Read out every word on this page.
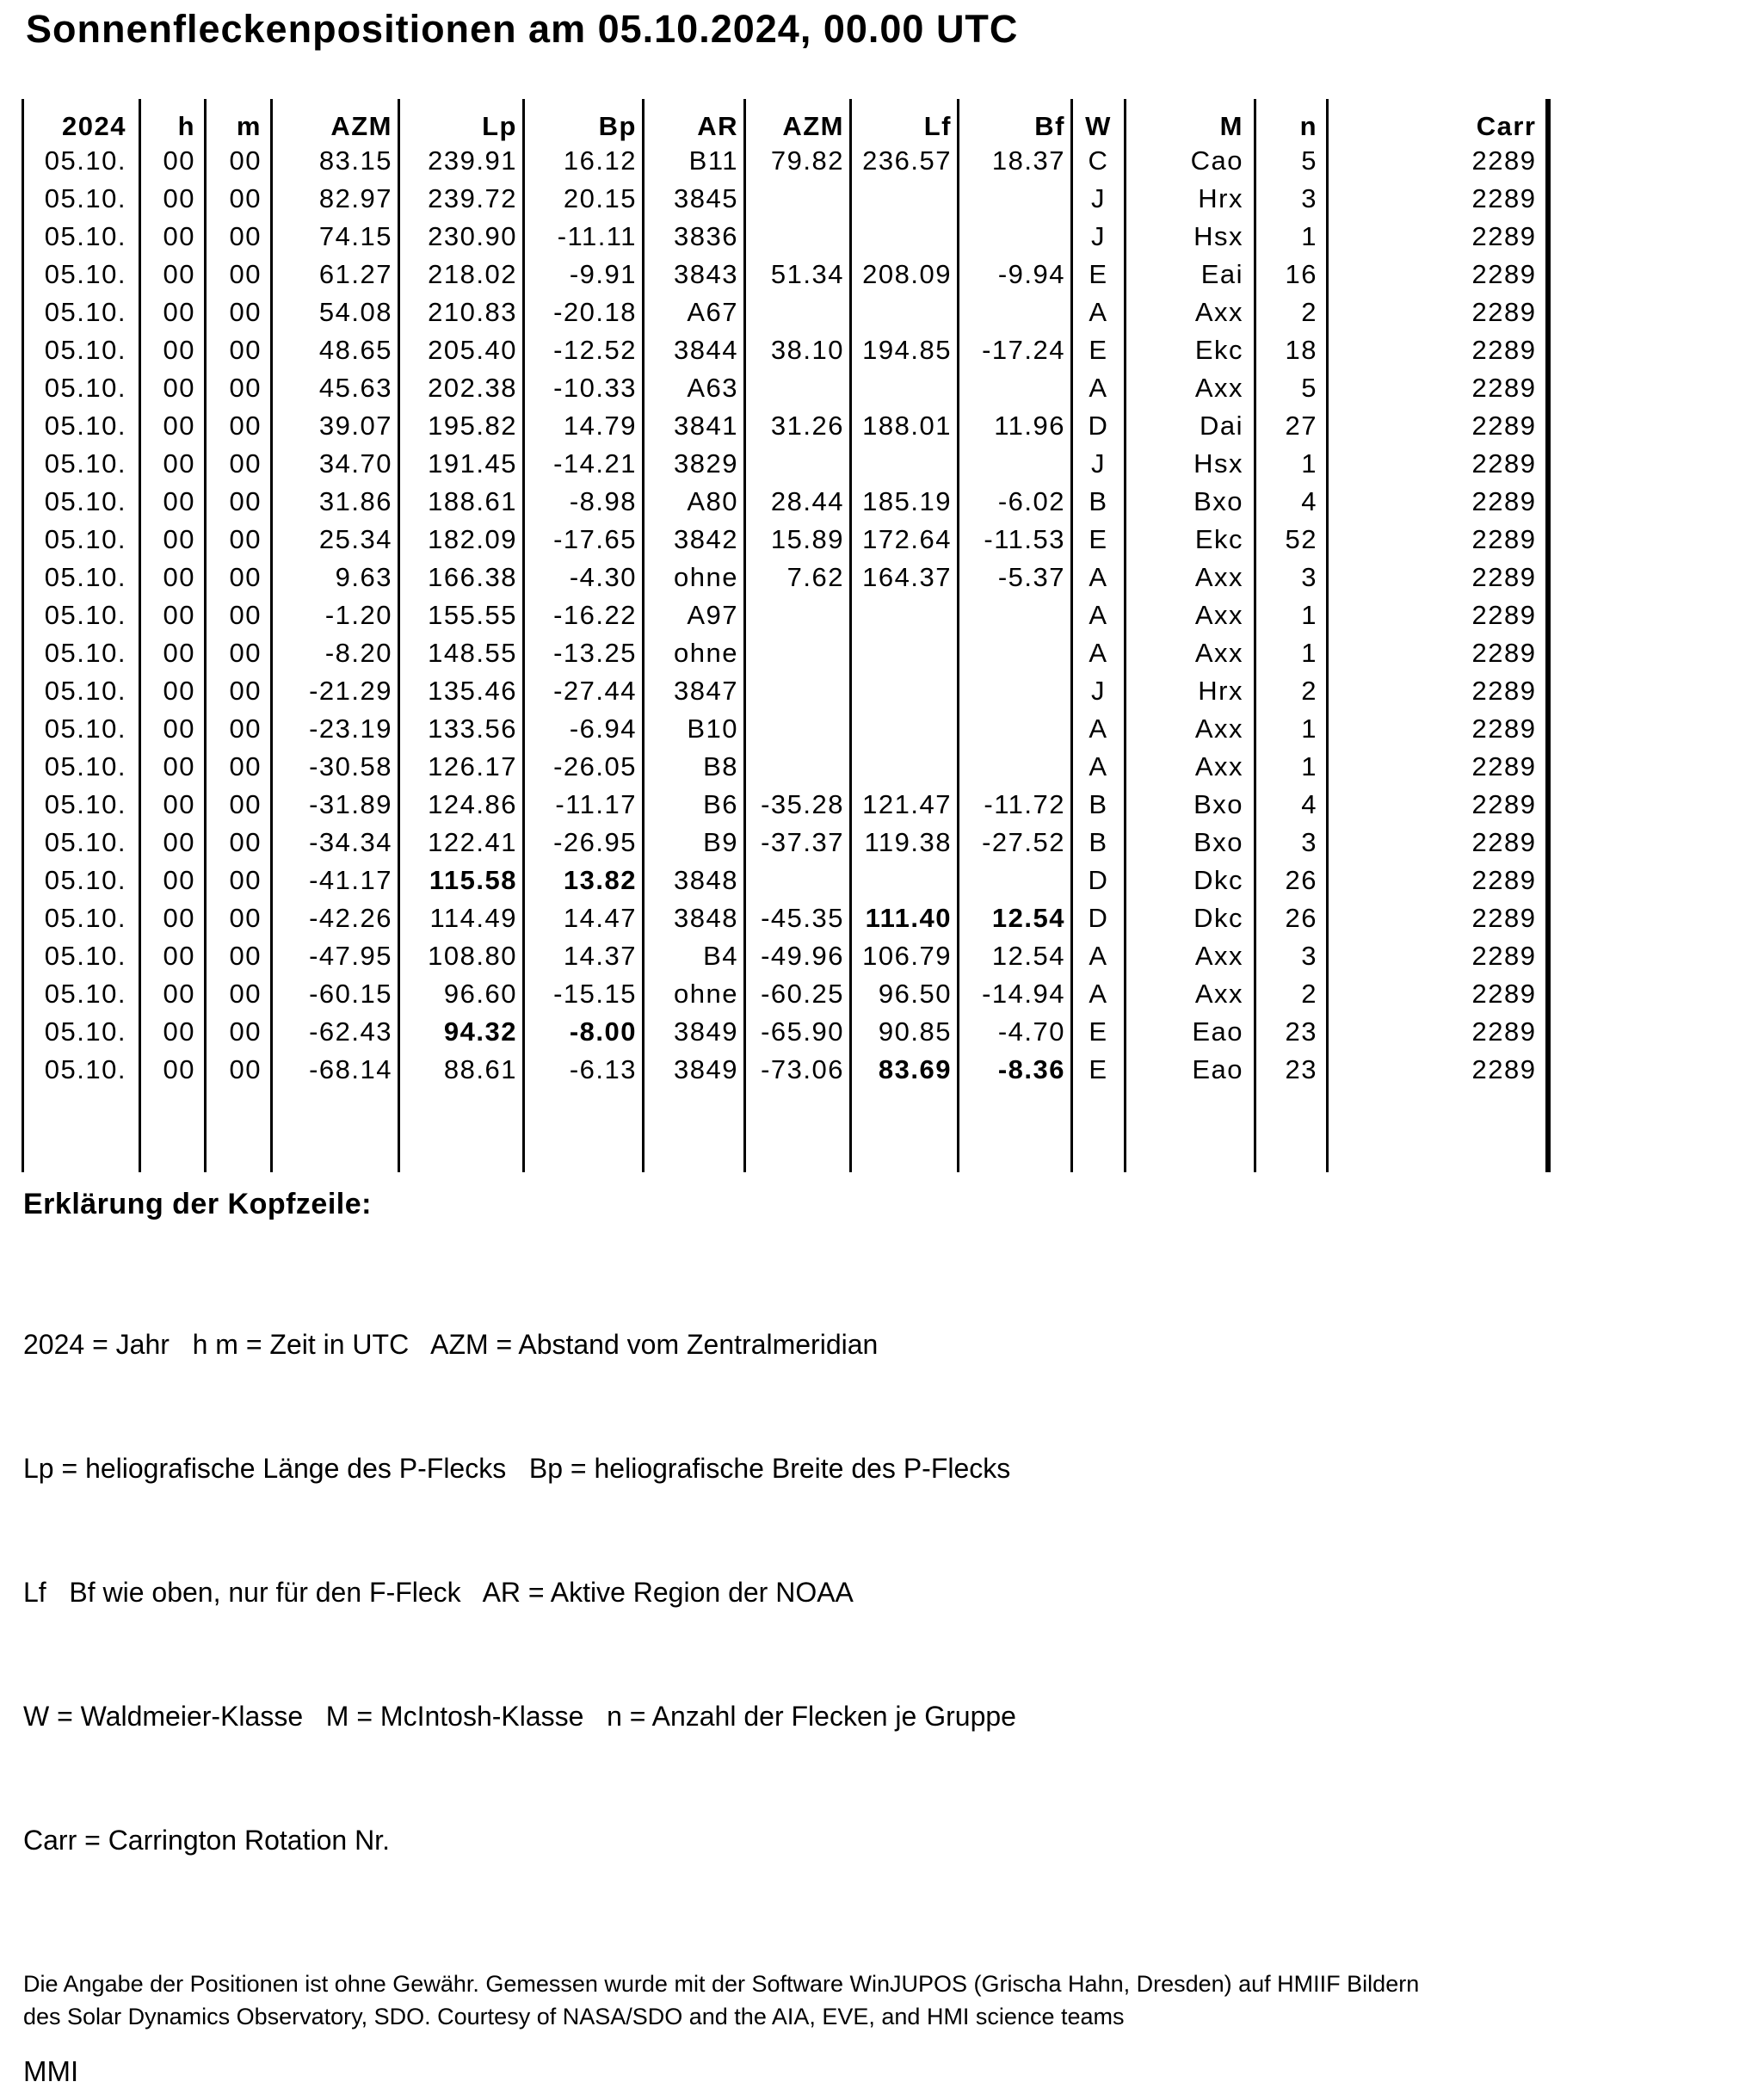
Sonnenfleckenpositionen am 05.10.2024, 00.00 UTC
2024	h	m	AZM	Lp	Bp	AR	AZM	Lf	Bf	W	M	n	Carr
05.10.	00	00	83.15	239.91	16.12	B11	79.82	236.57	18.37	C	Cao	5	2289
05.10.	00	00	82.97	239.72	20.15	3845				J	Hrx	3	2289
05.10.	00	00	74.15	230.90	-11.11	3836				J	Hsx	1	2289
05.10.	00	00	61.27	218.02	-9.91	3843	51.34	208.09	-9.94	E	Eai	16	2289
05.10.	00	00	54.08	210.83	-20.18	A67				A	Axx	2	2289
05.10.	00	00	48.65	205.40	-12.52	3844	38.10	194.85	-17.24	E	Ekc	18	2289
05.10.	00	00	45.63	202.38	-10.33	A63				A	Axx	5	2289
05.10.	00	00	39.07	195.82	14.79	3841	31.26	188.01	11.96	D	Dai	27	2289
05.10.	00	00	34.70	191.45	-14.21	3829				J	Hsx	1	2289
05.10.	00	00	31.86	188.61	-8.98	A80	28.44	185.19	-6.02	B	Bxo	4	2289
05.10.	00	00	25.34	182.09	-17.65	3842	15.89	172.64	-11.53	E	Ekc	52	2289
05.10.	00	00	9.63	166.38	-4.30	ohne	7.62	164.37	-5.37	A	Axx	3	2289
05.10.	00	00	-1.20	155.55	-16.22	A97				A	Axx	1	2289
05.10.	00	00	-8.20	148.55	-13.25	ohne				A	Axx	1	2289
05.10.	00	00	-21.29	135.46	-27.44	3847				J	Hrx	2	2289
05.10.	00	00	-23.19	133.56	-6.94	B10				A	Axx	1	2289
05.10.	00	00	-30.58	126.17	-26.05	B8				A	Axx	1	2289
05.10.	00	00	-31.89	124.86	-11.17	B6	-35.28	121.47	-11.72	B	Bxo	4	2289
05.10.	00	00	-34.34	122.41	-26.95	B9	-37.37	119.38	-27.52	B	Bxo	3	2289
05.10.	00	00	-41.17	115.58	13.82	3848				D	Dkc	26	2289
05.10.	00	00	-42.26	114.49	14.47	3848	-45.35	111.40	12.54	D	Dkc	26	2289
05.10.	00	00	-47.95	108.80	14.37	B4	-49.96	106.79	12.54	A	Axx	3	2289
05.10.	00	00	-60.15	96.60	-15.15	ohne	-60.25	96.50	-14.94	A	Axx	2	2289
05.10.	00	00	-62.43	94.32	-8.00	3849	-65.90	90.85	-4.70	E	Eao	23	2289
05.10.	00	00	-68.14	88.61	-6.13	3849	-73.06	83.69	-8.36	E	Eao	23	2289

Erklärung der Kopfzeile:

2024 = Jahr   h m = Zeit in UTC   AZM = Abstand vom Zentralmeridian

Lp = heliografische Länge des P-Flecks   Bp = heliografische Breite des P-Flecks

Lf   Bf wie oben, nur für den F-Fleck   AR = Aktive Region der NOAA

W = Waldmeier-Klasse   M = McIntosh-Klasse   n = Anzahl der Flecken je Gruppe

Carr = Carrington Rotation Nr.

Die Angabe der Positionen ist ohne Gewähr. Gemessen wurde mit der Software WinJUPOS (Grischa Hahn, Dresden) auf HMIIF Bildern
des Solar Dynamics Observatory, SDO. Courtesy of NASA/SDO and the AIA, EVE, and HMI science teams
MMI
